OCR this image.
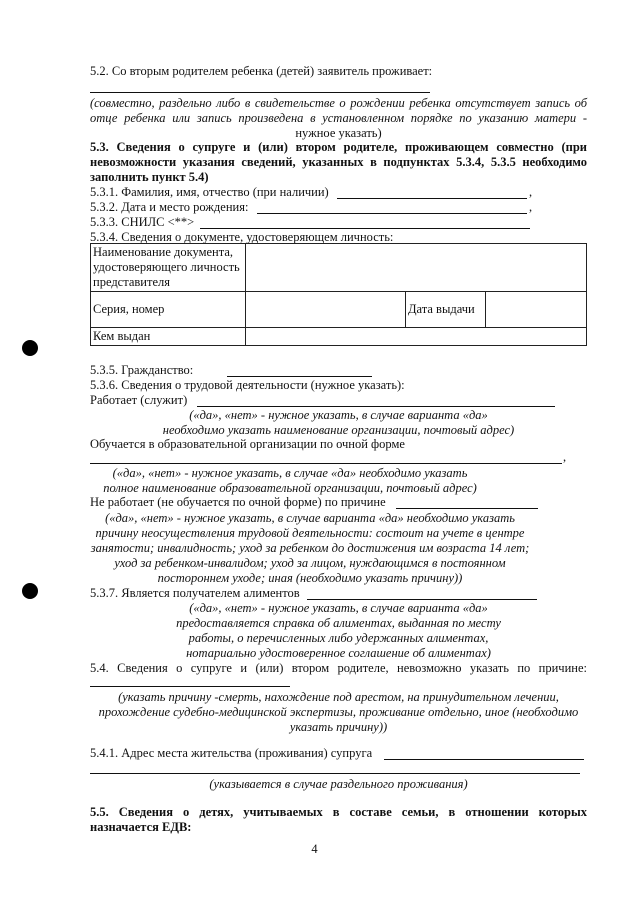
5.2. Со вторым родителем ребенка (детей) заявитель проживает:
(совместно, раздельно либо в свидетельстве о рождении ребенка отсутствует запись об
отце ребенка или запись произведена в установленном порядке по указанию матери -
нужное указать)
5.3. Сведения о супруге и (или) втором родителе, проживающем совместно (при
невозможности указания сведений, указанных в подпунктах 5.3.4, 5.3.5 необходимо
заполнить пункт 5.4)
5.3.1. Фамилия, имя, отчество (при наличии)	,
5.3.2. Дата и место рождения:	,
5.3.3. СНИЛС <**>
5.3.4. Сведения о документе, удостоверяющем личность:
Наименование документа,
удостоверяющего личность
представителя			

Серия, номер		Дата выдачи	
Кем выдан			
5.3.5. Гражданство:
5.3.6. Сведения о трудовой деятельности (нужное указать):
Работает (служит)
(«да», «нет» - нужное указать, в случае варианта «да»
необходимо указать наименование организации, почтовый адрес)
Обучается в образовательной организации по очной форме
,
(«да», «нет» - нужное указать, в случае «да» необходимо указать
полное наименование образовательной организации, почтовый адрес)
Не работает (не обучается по очной форме) по причине
(«да», «нет» - нужное указать, в случае варианта «да» необходимо указать
причину неосуществления трудовой деятельности: состоит на учете в центре
занятости; инвалидность; уход за ребенком до достижения им возраста 14 лет;
уход за ребенком-инвалидом; уход за лицом, нуждающимся в постоянном
постороннем уходе; иная (необходимо указать причину))
5.3.7. Является получателем алиментов
(«да», «нет» - нужное указать, в случае варианта «да»
предоставляется справка об алиментах, выданная по месту
работы, о перечисленных либо удержанных алиментах,
нотариально удостоверенное соглашение об алиментах)
5.4. Сведения о супруге и (или) втором родителе, невозможно указать по причине:
(указать причину -смерть, нахождение под арестом, на принудительном лечении,
прохождение судебно-медицинской экспертизы, проживание отдельно, иное (необходимо
указать причину))
5.4.1. Адрес места жительства (проживания) супруга
(указывается в случае раздельного проживания)
5.5. Сведения о детях, учитываемых в составе семьи, в отношении которых
назначается ЕДВ:
4
